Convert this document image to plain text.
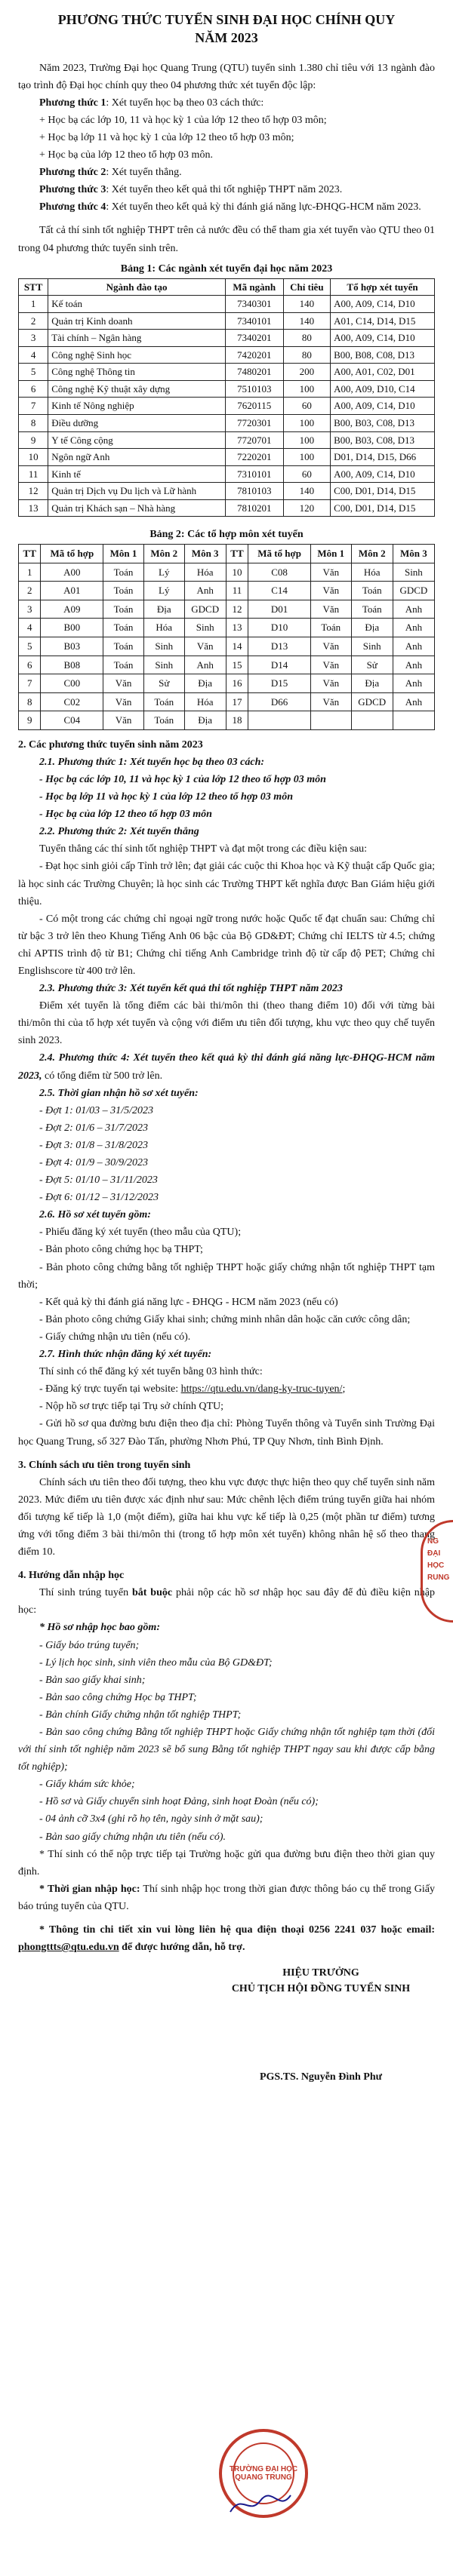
PHƯƠNG THỨC TUYỂN SINH ĐẠI HỌC CHÍNH QUY
NĂM 2023

Năm 2023, Trường Đại học Quang Trung (QTU) tuyển sinh 1.380 chỉ tiêu với 13 ngành đào tạo trình độ Đại học chính quy theo 04 phương thức xét tuyển độc lập:

Phương thức 1: Xét tuyển học bạ theo 03 cách thức:

+ Học bạ các lớp 10, 11 và học kỳ 1 của lớp 12 theo tổ hợp 03 môn;

+ Học bạ lớp 11 và học kỳ 1 của lớp 12 theo tổ hợp 03 môn;

+ Học bạ của lớp 12 theo tổ hợp 03 môn.

Phương thức 2: Xét tuyển thẳng.

Phương thức 3: Xét tuyển theo kết quả thi tốt nghiệp THPT năm 2023.

Phương thức 4: Xét tuyển theo kết quả kỳ thi đánh giá năng lực-ĐHQG-HCM năm 2023.

Tất cả thí sinh tốt nghiệp THPT trên cả nước đều có thể tham gia xét tuyển vào QTU theo 01 trong 04 phương thức tuyển sinh trên.

Bảng 1: Các ngành xét tuyển đại học năm 2023
STT	Ngành đào tạo	Mã ngành	Chỉ tiêu	Tổ hợp xét tuyển
1	Kế toán	7340301	140	A00, A09, C14, D10
2	Quản trị Kinh doanh	7340101	140	A01, C14, D14, D15
3	Tài chính – Ngân hàng	7340201	80	A00, A09, C14, D10
4	Công nghệ Sinh học	7420201	80	B00, B08, C08, D13
5	Công nghệ Thông tin	7480201	200	A00, A01, C02, D01
6	Công nghệ Kỹ thuật xây dựng	7510103	100	A00, A09, D10, C14
7	Kinh tế Nông nghiệp	7620115	60	A00, A09, C14, D10
8	Điều dưỡng	7720301	100	B00, B03, C08, D13
9	Y tế Công cộng	7720701	100	B00, B03, C08, D13
10	Ngôn ngữ Anh	7220201	100	D01, D14, D15, D66
11	Kinh tế	7310101	60	A00, A09, C14, D10
12	Quản trị Dịch vụ Du lịch và Lữ hành	7810103	140	C00, D01, D14, D15
13	Quản trị Khách sạn – Nhà hàng	7810201	120	C00, D01, D14, D15
Bảng 2: Các tổ hợp môn xét tuyển
TT	Mã tổ hợp	Môn 1	Môn 2	Môn 3	TT	Mã tổ hợp	Môn 1	Môn 2	Môn 3
1	A00	Toán	Lý	Hóa	10	C08	Văn	Hóa	Sinh
2	A01	Toán	Lý	Anh	11	C14	Văn	Toán	GDCD
3	A09	Toán	Địa	GDCD	12	D01	Văn	Toán	Anh
4	B00	Toán	Hóa	Sinh	13	D10	Toán	Địa	Anh
5	B03	Toán	Sinh	Văn	14	D13	Văn	Sinh	Anh
6	B08	Toán	Sinh	Anh	15	D14	Văn	Sử	Anh
7	C00	Văn	Sử	Địa	16	D15	Văn	Địa	Anh
8	C02	Văn	Toán	Hóa	17	D66	Văn	GDCD	Anh
9	C04	Văn	Toán	Địa	18				

2. Các phương thức tuyển sinh năm 2023

2.1. Phương thức 1: Xét tuyển học bạ theo 03 cách:

- Học bạ các lớp 10, 11 và học kỳ 1 của lớp 12 theo tổ hợp 03 môn

- Học bạ lớp 11 và học kỳ 1 của lớp 12 theo tổ hợp 03 môn

- Học bạ của lớp 12 theo tổ hợp 03 môn

2.2. Phương thức 2: Xét tuyển thẳng

Tuyển thẳng các thí sinh tốt nghiệp THPT và đạt một trong các điều kiện sau:

- Đạt học sinh giỏi cấp Tỉnh trở lên; đạt giải các cuộc thi Khoa học và Kỹ thuật cấp Quốc gia; là học sinh các Trường Chuyên; là học sinh các Trường THPT kết nghĩa được Ban Giám hiệu giới thiệu.

- Có một trong các chứng chỉ ngoại ngữ trong nước hoặc Quốc tế đạt chuẩn sau: Chứng chỉ từ bậc 3 trở lên theo Khung Tiếng Anh 06 bậc của Bộ GD&ĐT; Chứng chỉ IELTS từ 4.5; chứng chỉ APTIS trình độ từ B1; Chứng chỉ tiếng Anh Cambridge trình độ từ cấp độ PET; Chứng chỉ Englishscore từ 400 trở lên.

2.3. Phương thức 3: Xét tuyển kết quả thi tốt nghiệp THPT năm 2023

Điểm xét tuyển là tổng điểm các bài thi/môn thi (theo thang điểm 10) đối với từng bài thi/môn thi của tổ hợp xét tuyển và cộng với điểm ưu tiên đối tượng, khu vực theo quy chế tuyển sinh 2023.

2.4. Phương thức 4: Xét tuyển theo kết quả kỳ thi đánh giá năng lực-ĐHQG-HCM năm 2023, có tổng điểm từ 500 trở lên.

2.5. Thời gian nhận hồ sơ xét tuyển:

- Đợt 1: 01/03 – 31/5/2023

- Đợt 2: 01/6 – 31/7/2023

- Đợt 3: 01/8 – 31/8/2023

- Đợt 4: 01/9 – 30/9/2023

- Đợt 5: 01/10 – 31/11/2023

- Đợt 6: 01/12 – 31/12/2023

2.6. Hồ sơ xét tuyển gồm:

- Phiếu đăng ký xét tuyển (theo mẫu của QTU);

- Bản photo công chứng học bạ THPT;

- Bản photo công chứng bằng tốt nghiệp THPT hoặc giấy chứng nhận tốt nghiệp THPT tạm thời;

- Kết quả kỳ thi đánh giá năng lực - ĐHQG - HCM năm 2023 (nếu có)

- Bản photo công chứng Giấy khai sinh; chứng minh nhân dân hoặc căn cước công dân;

- Giấy chứng nhận ưu tiên (nếu có).

2.7. Hình thức nhận đăng ký xét tuyển:

Thí sinh có thể đăng ký xét tuyển bằng 03 hình thức:

- Đăng ký trực tuyến tại website: https://qtu.edu.vn/dang-ky-truc-tuyen/;

- Nộp hồ sơ trực tiếp tại Trụ sở chính QTU;

- Gửi hồ sơ qua đường bưu điện theo địa chỉ: Phòng Tuyển thông và Tuyển sinh Trường Đại học Quang Trung, số 327 Đào Tấn, phường Nhơn Phú, TP Quy Nhơn, tỉnh Bình Định.

3. Chính sách ưu tiên trong tuyển sinh

Chính sách ưu tiên theo đối tượng, theo khu vực được thực hiện theo quy chế tuyển sinh năm 2023. Mức điểm ưu tiên được xác định như sau: Mức chênh lệch điểm trúng tuyển giữa hai nhóm đối tượng kế tiếp là 1,0 (một điểm), giữa hai khu vực kế tiếp là 0,25 (một phần tư điểm) tương ứng với tổng điểm 3 bài thi/môn thi (trong tổ hợp môn xét tuyển) không nhân hệ số theo thang điểm 10.

4. Hướng dẫn nhập học

Thí sinh trúng tuyển bắt buộc phải nộp các hồ sơ nhập học sau đây để đủ điều kiện nhập học:

* Hồ sơ nhập học bao gồm:

- Giấy báo trúng tuyển;

- Lý lịch học sinh, sinh viên theo mẫu của Bộ GD&ĐT;

- Bản sao giấy khai sinh;

- Bản sao công chứng Học bạ THPT;

- Bản chính Giấy chứng nhận tốt nghiệp THPT;

- Bản sao công chứng Bằng tốt nghiệp THPT hoặc Giấy chứng nhận tốt nghiệp tạm thời (đối với thí sinh tốt nghiệp năm 2023 sẽ bổ sung Bằng tốt nghiệp THPT ngay sau khi được cấp bằng tốt nghiệp);

- Giấy khám sức khỏe;

- Hồ sơ và Giấy chuyển sinh hoạt Đảng, sinh hoạt Đoàn (nếu có);

- 04 ảnh cỡ 3x4 (ghi rõ họ tên, ngày sinh ở mặt sau);

- Bản sao giấy chứng nhận ưu tiên (nếu có).

* Thí sinh có thể nộp trực tiếp tại Trường hoặc gửi qua đường bưu điện theo thời gian quy định.

* Thời gian nhập học: Thí sinh nhập học trong thời gian được thông báo cụ thể trong Giấy báo trúng tuyển của QTU.

* Thông tin chi tiết xin vui lòng liên hệ qua điện thoại 0256 2241 037 hoặc email: phongttts@qtu.edu.vn để được hướng dẫn, hỗ trợ.

HIỆU TRƯỞNG
CHỦ TỊCH HỘI ĐỒNG TUYỂN SINH
PGS.TS. Nguyễn Đình Phư
NG ĐẠI HỌC RUNG
TRƯỜNG ĐẠI HỌC QUANG TRUNG
